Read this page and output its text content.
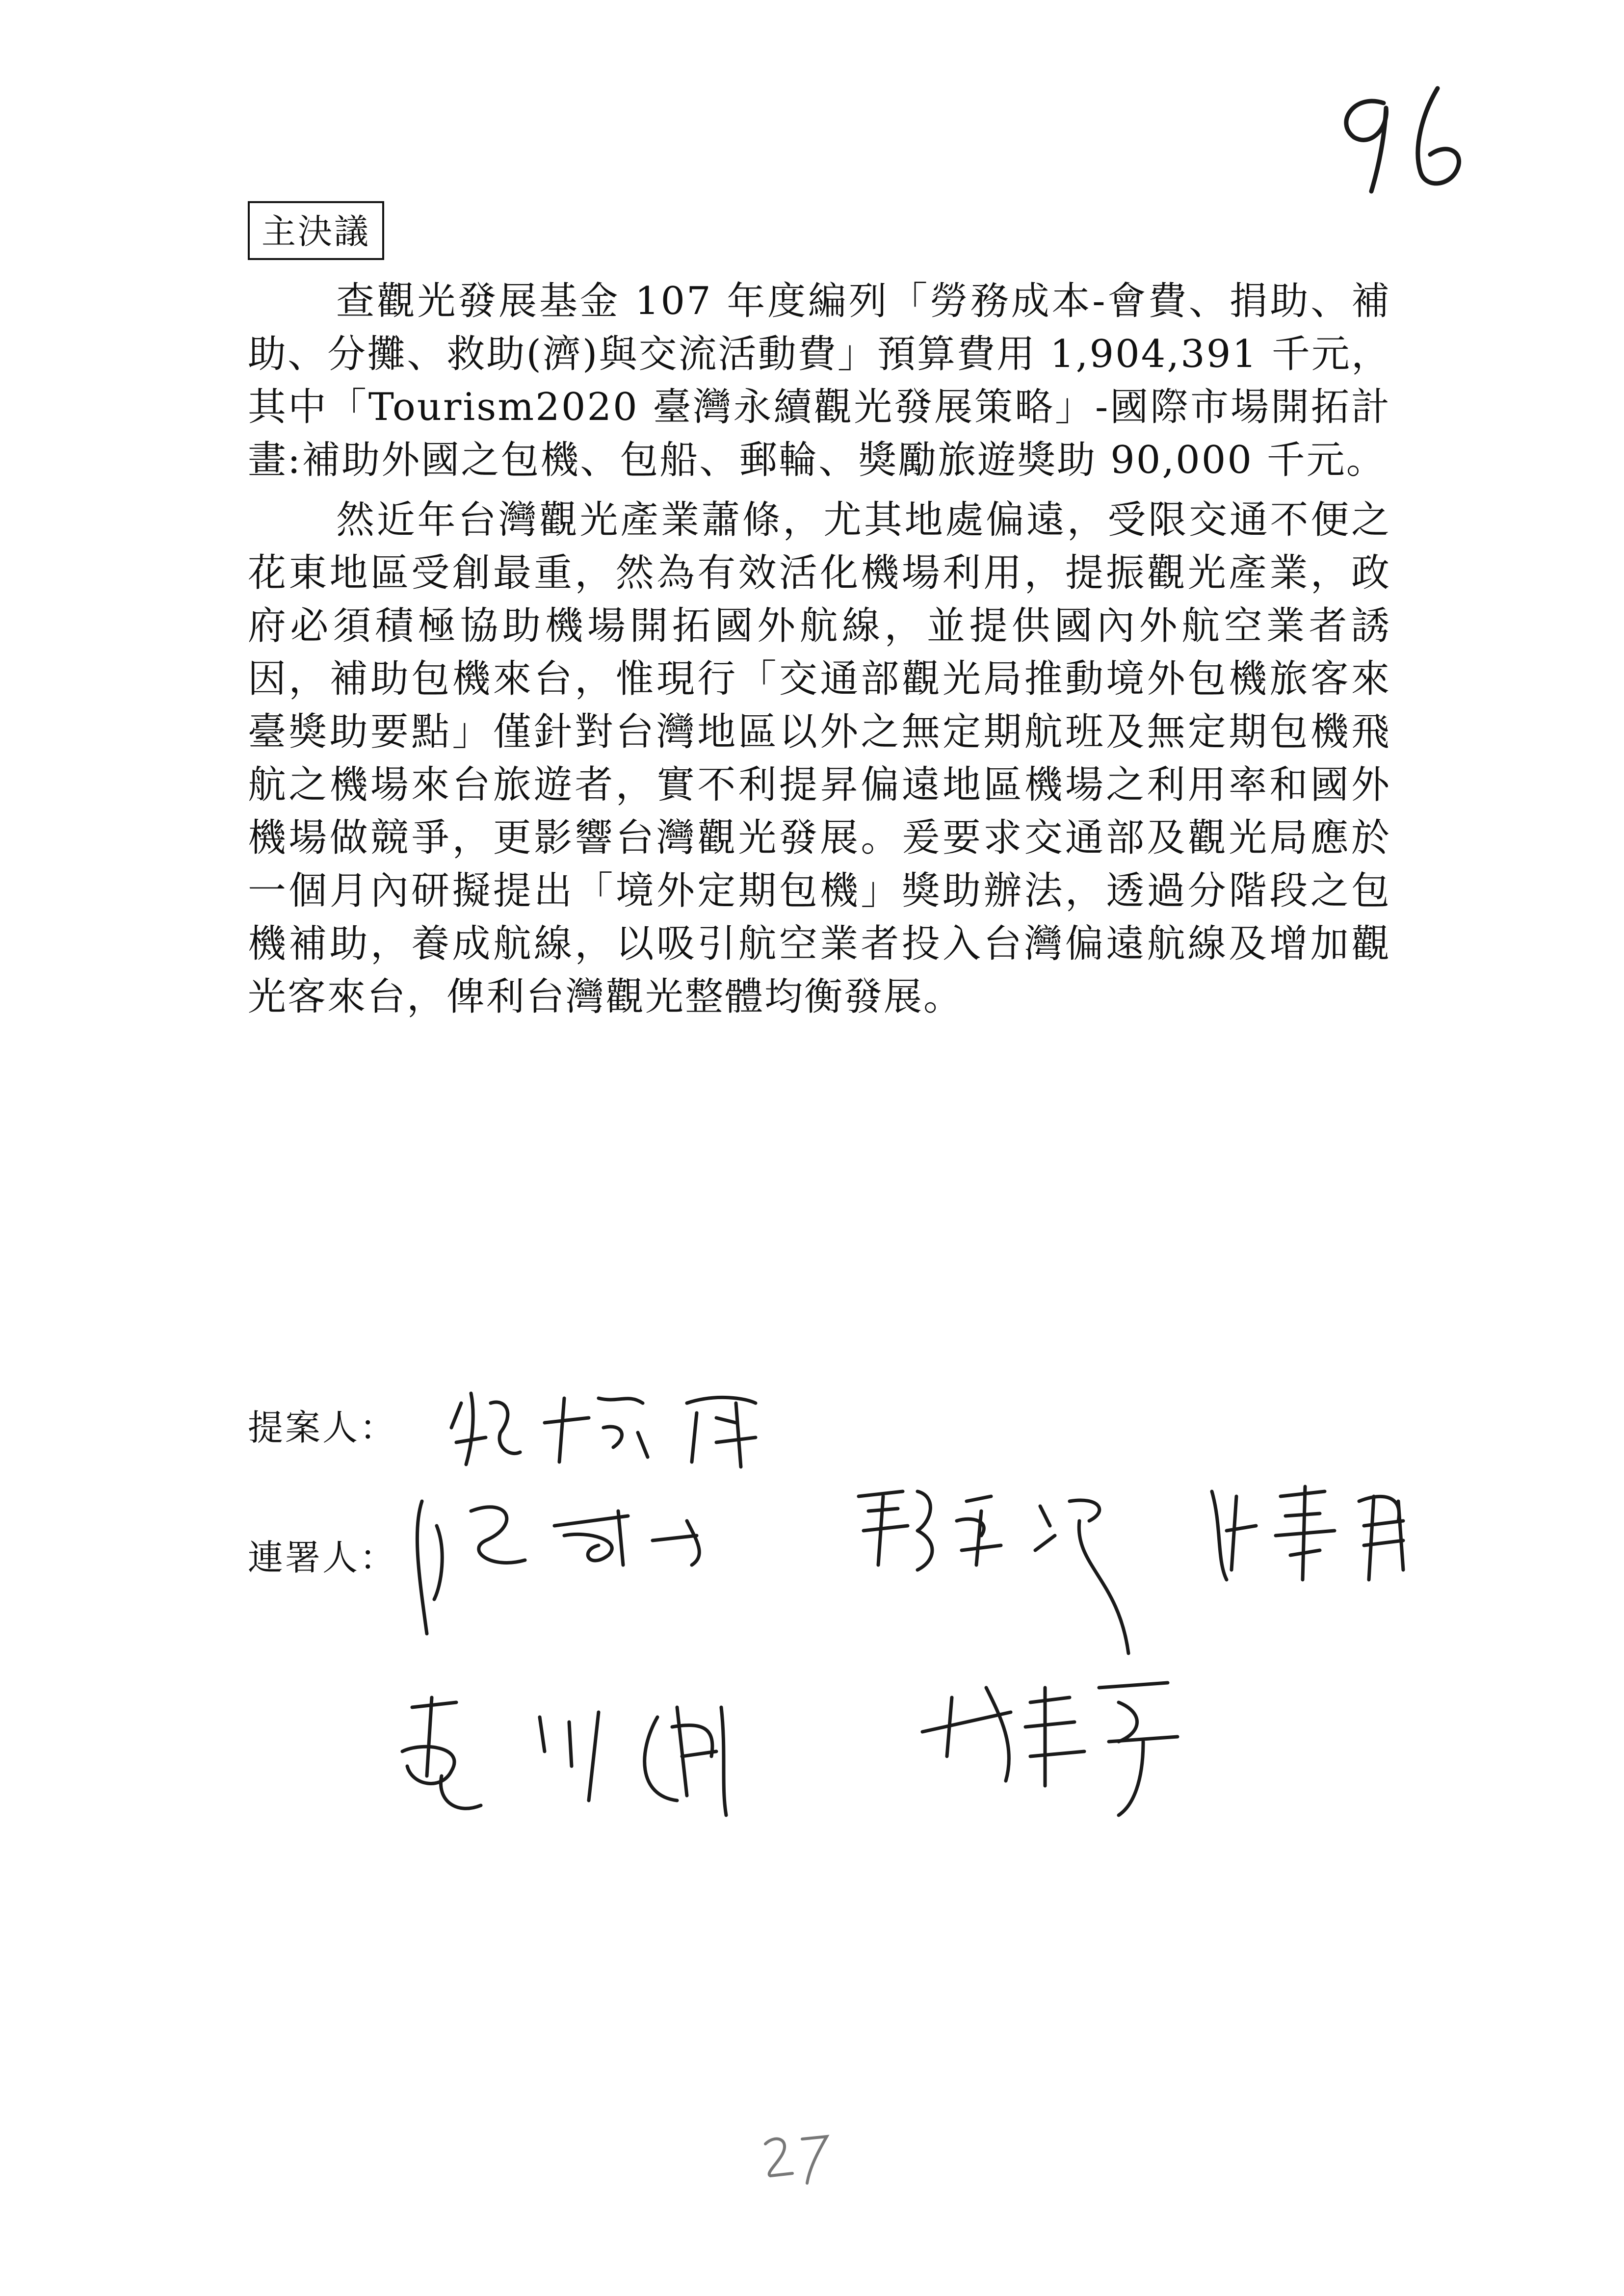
主決議

查觀光發展基金 107 年度編列「勞務成本-會費、捐助、補助、分攤、救助(濟)與交流活動費」預算費用 1,904,391 千元，其中「Tourism2020 臺灣永續觀光發展策略」-國際市場開拓計畫:補助外國之包機、包船、郵輪、獎勵旅遊獎助 90,000 千元。

然近年台灣觀光產業蕭條，尤其地處偏遠，受限交通不便之花東地區受創最重，然為有效活化機場利用，提振觀光產業，政府必須積極協助機場開拓國外航線，並提供國內外航空業者誘因，補助包機來台，惟現行「交通部觀光局推動境外包機旅客來臺獎助要點」僅針對台灣地區以外之無定期航班及無定期包機飛航之機場來台旅遊者，實不利提昇偏遠地區機場之利用率和國外機場做競爭，更影響台灣觀光發展。爰要求交通部及觀光局應於一個月內研擬提出「境外定期包機」獎助辦法，透過分階段之包機補助，養成航線，以吸引航空業者投入台灣偏遠航線及增加觀光客來台，俾利台灣觀光整體均衡發展。

提案人：
連署人：
